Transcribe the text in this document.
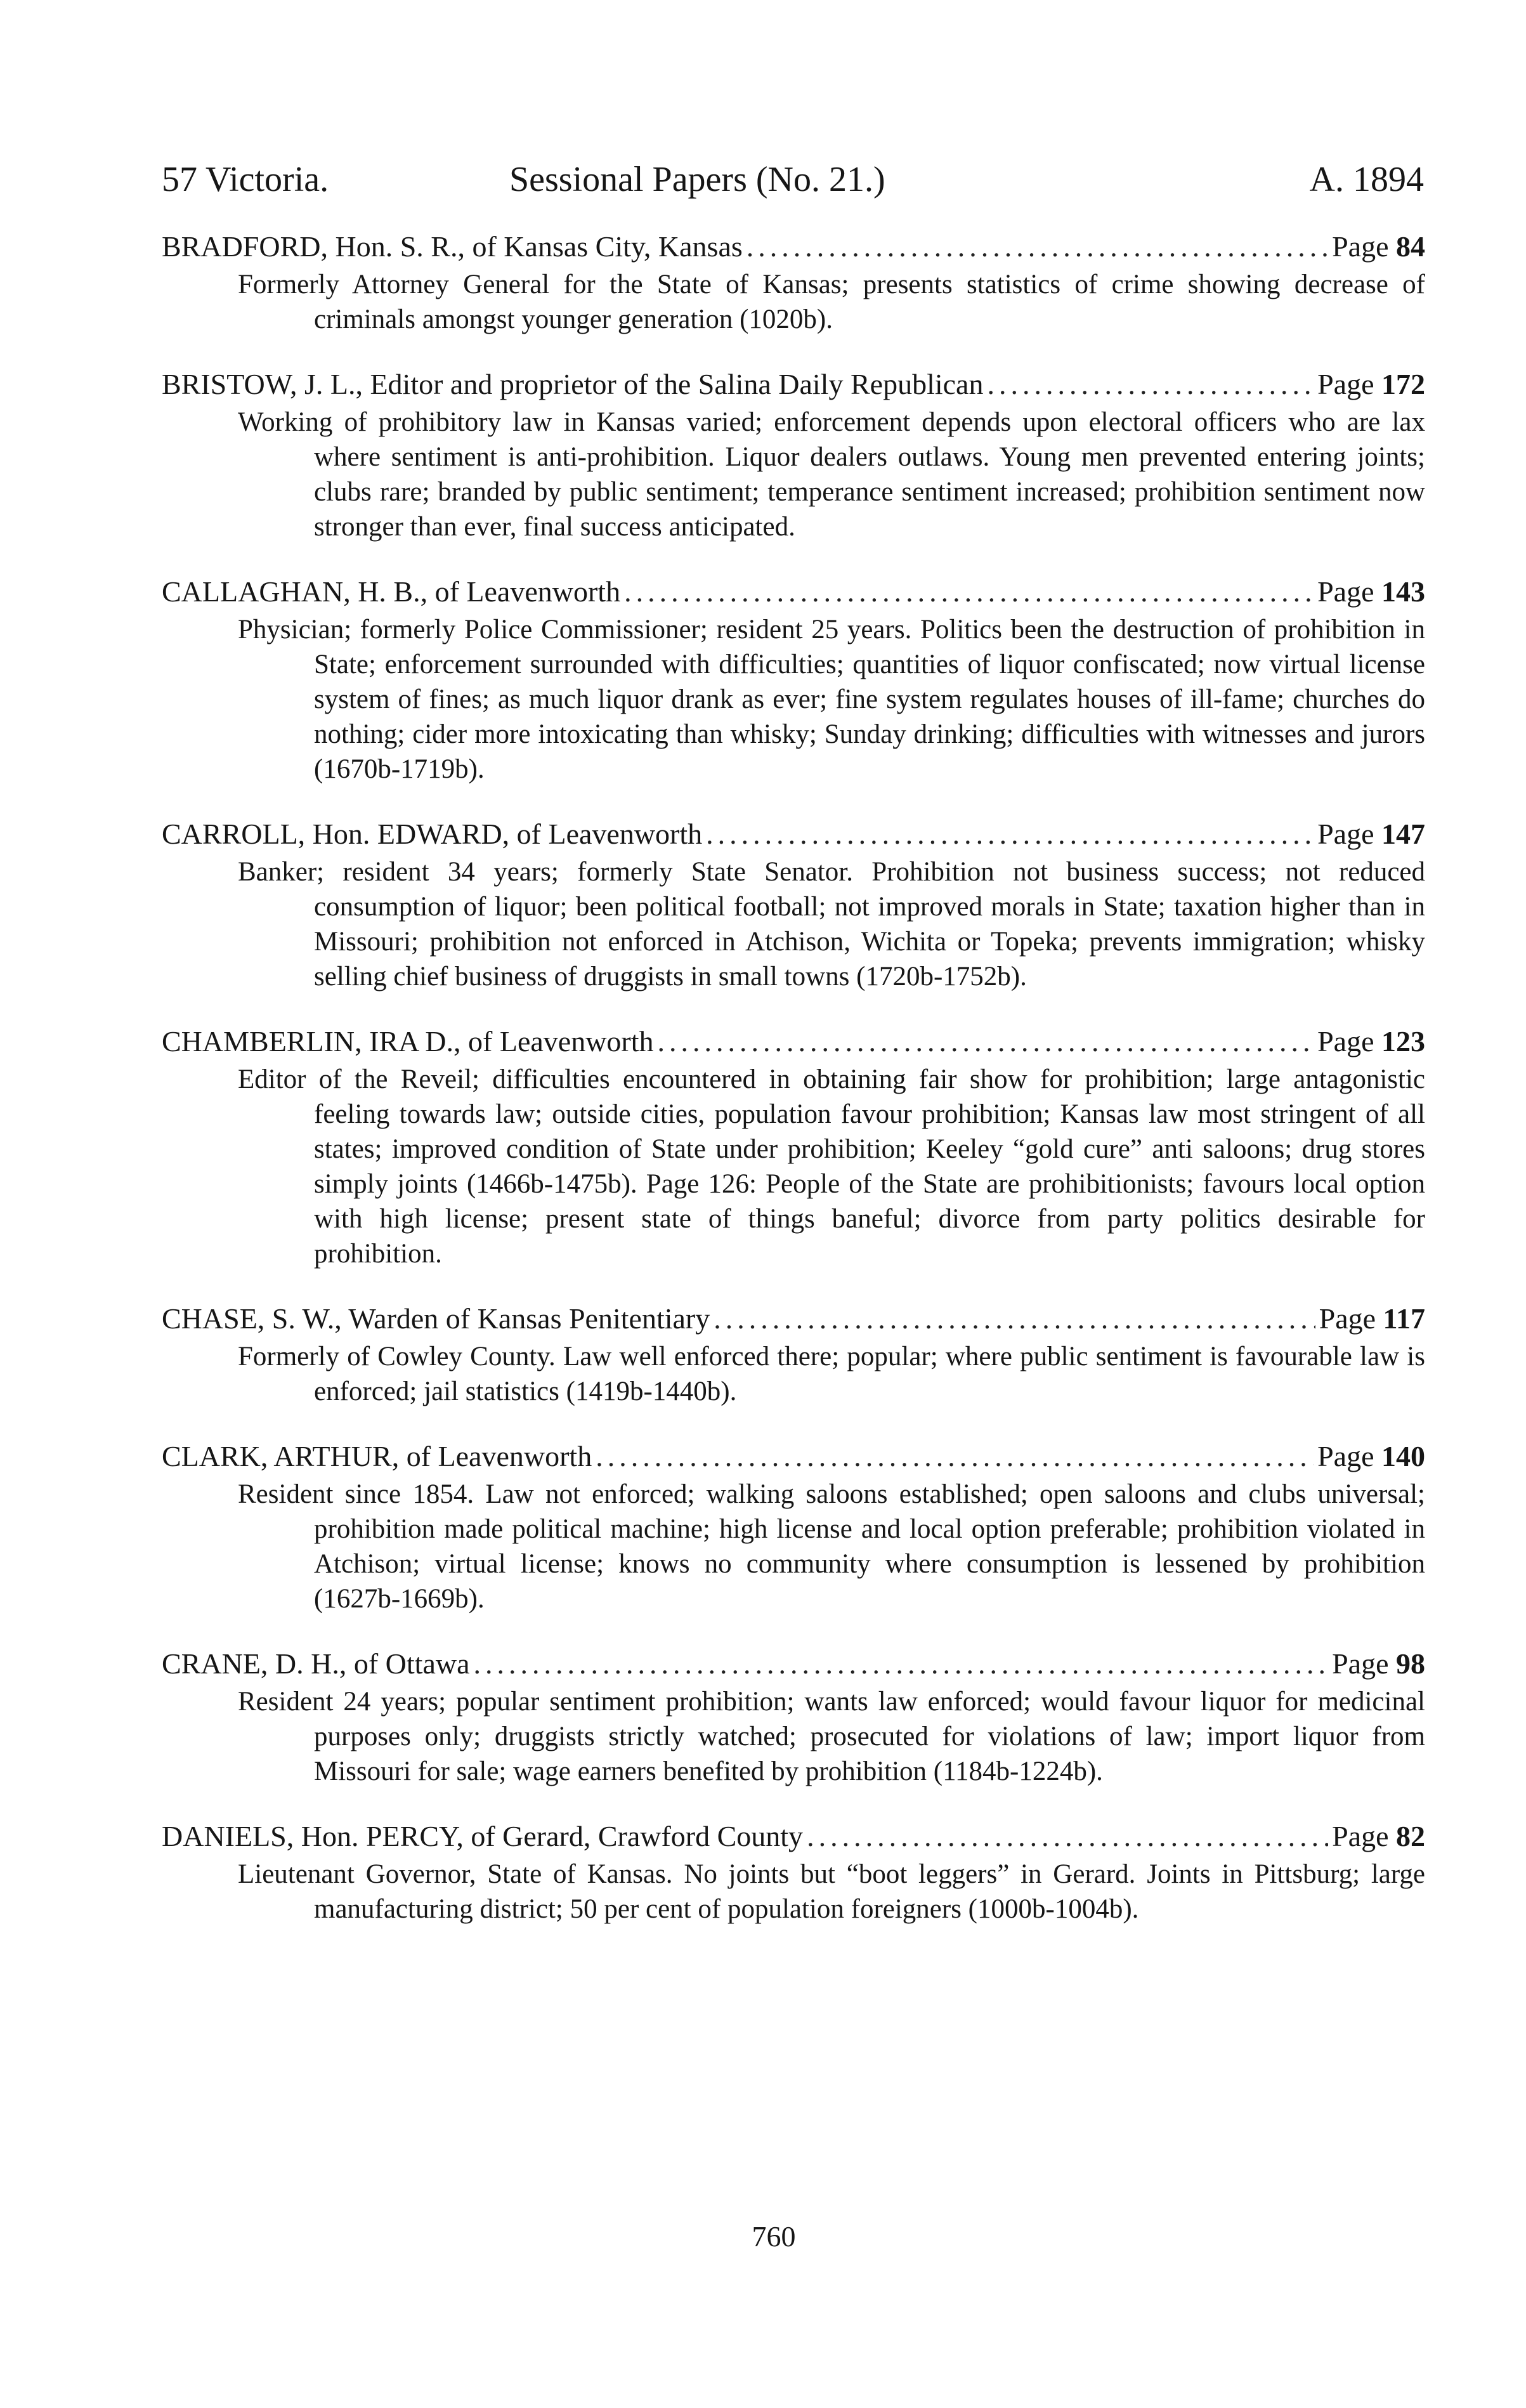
57 Victoria.	Sessional Papers (No. 21.)	A. 1894
BRADFORD, Hon. S. R., of Kansas City, Kansas .....	Page 84
Formerly Attorney General for the State of Kansas; presents statistics of crime showing decrease of criminals amongst younger generation (1020b).
BRISTOW, J. L., Editor and proprietor of the Salina Daily Republican .....	Page 172
Working of prohibitory law in Kansas varied; enforcement depends upon electoral officers who are lax where sentiment is anti-prohibition. Liquor dealers outlaws. Young men prevented entering joints; clubs rare; branded by public sentiment; temperance sentiment increased; prohibition sentiment now stronger than ever, final success anticipated.
CALLAGHAN, H. B., of Leavenworth .....	Page 143
Physician; formerly Police Commissioner; resident 25 years. Politics been the destruction of prohibition in State; enforcement surrounded with difficulties; quantities of liquor confiscated; now virtual license system of fines; as much liquor drank as ever; fine system regulates houses of ill-fame; churches do nothing; cider more intoxicating than whisky; Sunday drinking; difficulties with witnesses and jurors (1670b-1719b).
CARROLL, Hon. EDWARD, of Leavenworth .....	Page 147
Banker; resident 34 years; formerly State Senator. Prohibition not business success; not reduced consumption of liquor; been political football; not improved morals in State; taxation higher than in Missouri; prohibition not enforced in Atchison, Wichita or Topeka; prevents immigration; whisky selling chief business of druggists in small towns (1720b-1752b).
CHAMBERLIN, IRA D., of Leavenworth .....	Page 123
Editor of the Reveil; difficulties encountered in obtaining fair show for prohibition; large antagonistic feeling towards law; outside cities, population favour prohibition; Kansas law most stringent of all states; improved condition of State under prohibition; Keeley “gold cure” anti saloons; drug stores simply joints (1466b-1475b). Page 126: People of the State are prohibitionists; favours local option with high license; present state of things baneful; divorce from party politics desirable for prohibition.
CHASE, S. W., Warden of Kansas Penitentiary .....	Page 117
Formerly of Cowley County. Law well enforced there; popular; where public sentiment is favourable law is enforced; jail statistics (1419b-1440b).
CLARK, ARTHUR, of Leavenworth .....	Page 140
Resident since 1854. Law not enforced; walking saloons established; open saloons and clubs universal; prohibition made political machine; high license and local option preferable; prohibition violated in Atchison; virtual license; knows no community where consumption is lessened by prohibition (1627b-1669b).
CRANE, D. H., of Ottawa .....	Page 98
Resident 24 years; popular sentiment prohibition; wants law enforced; would favour liquor for medicinal purposes only; druggists strictly watched; prosecuted for violations of law; import liquor from Missouri for sale; wage earners benefited by prohibition (1184b-1224b).
DANIELS, Hon. PERCY, of Gerard, Crawford County .....	Page 82
Lieutenant Governor, State of Kansas. No joints but “boot leggers” in Gerard. Joints in Pittsburg; large manufacturing district; 50 per cent of population foreigners (1000b-1004b).
760
